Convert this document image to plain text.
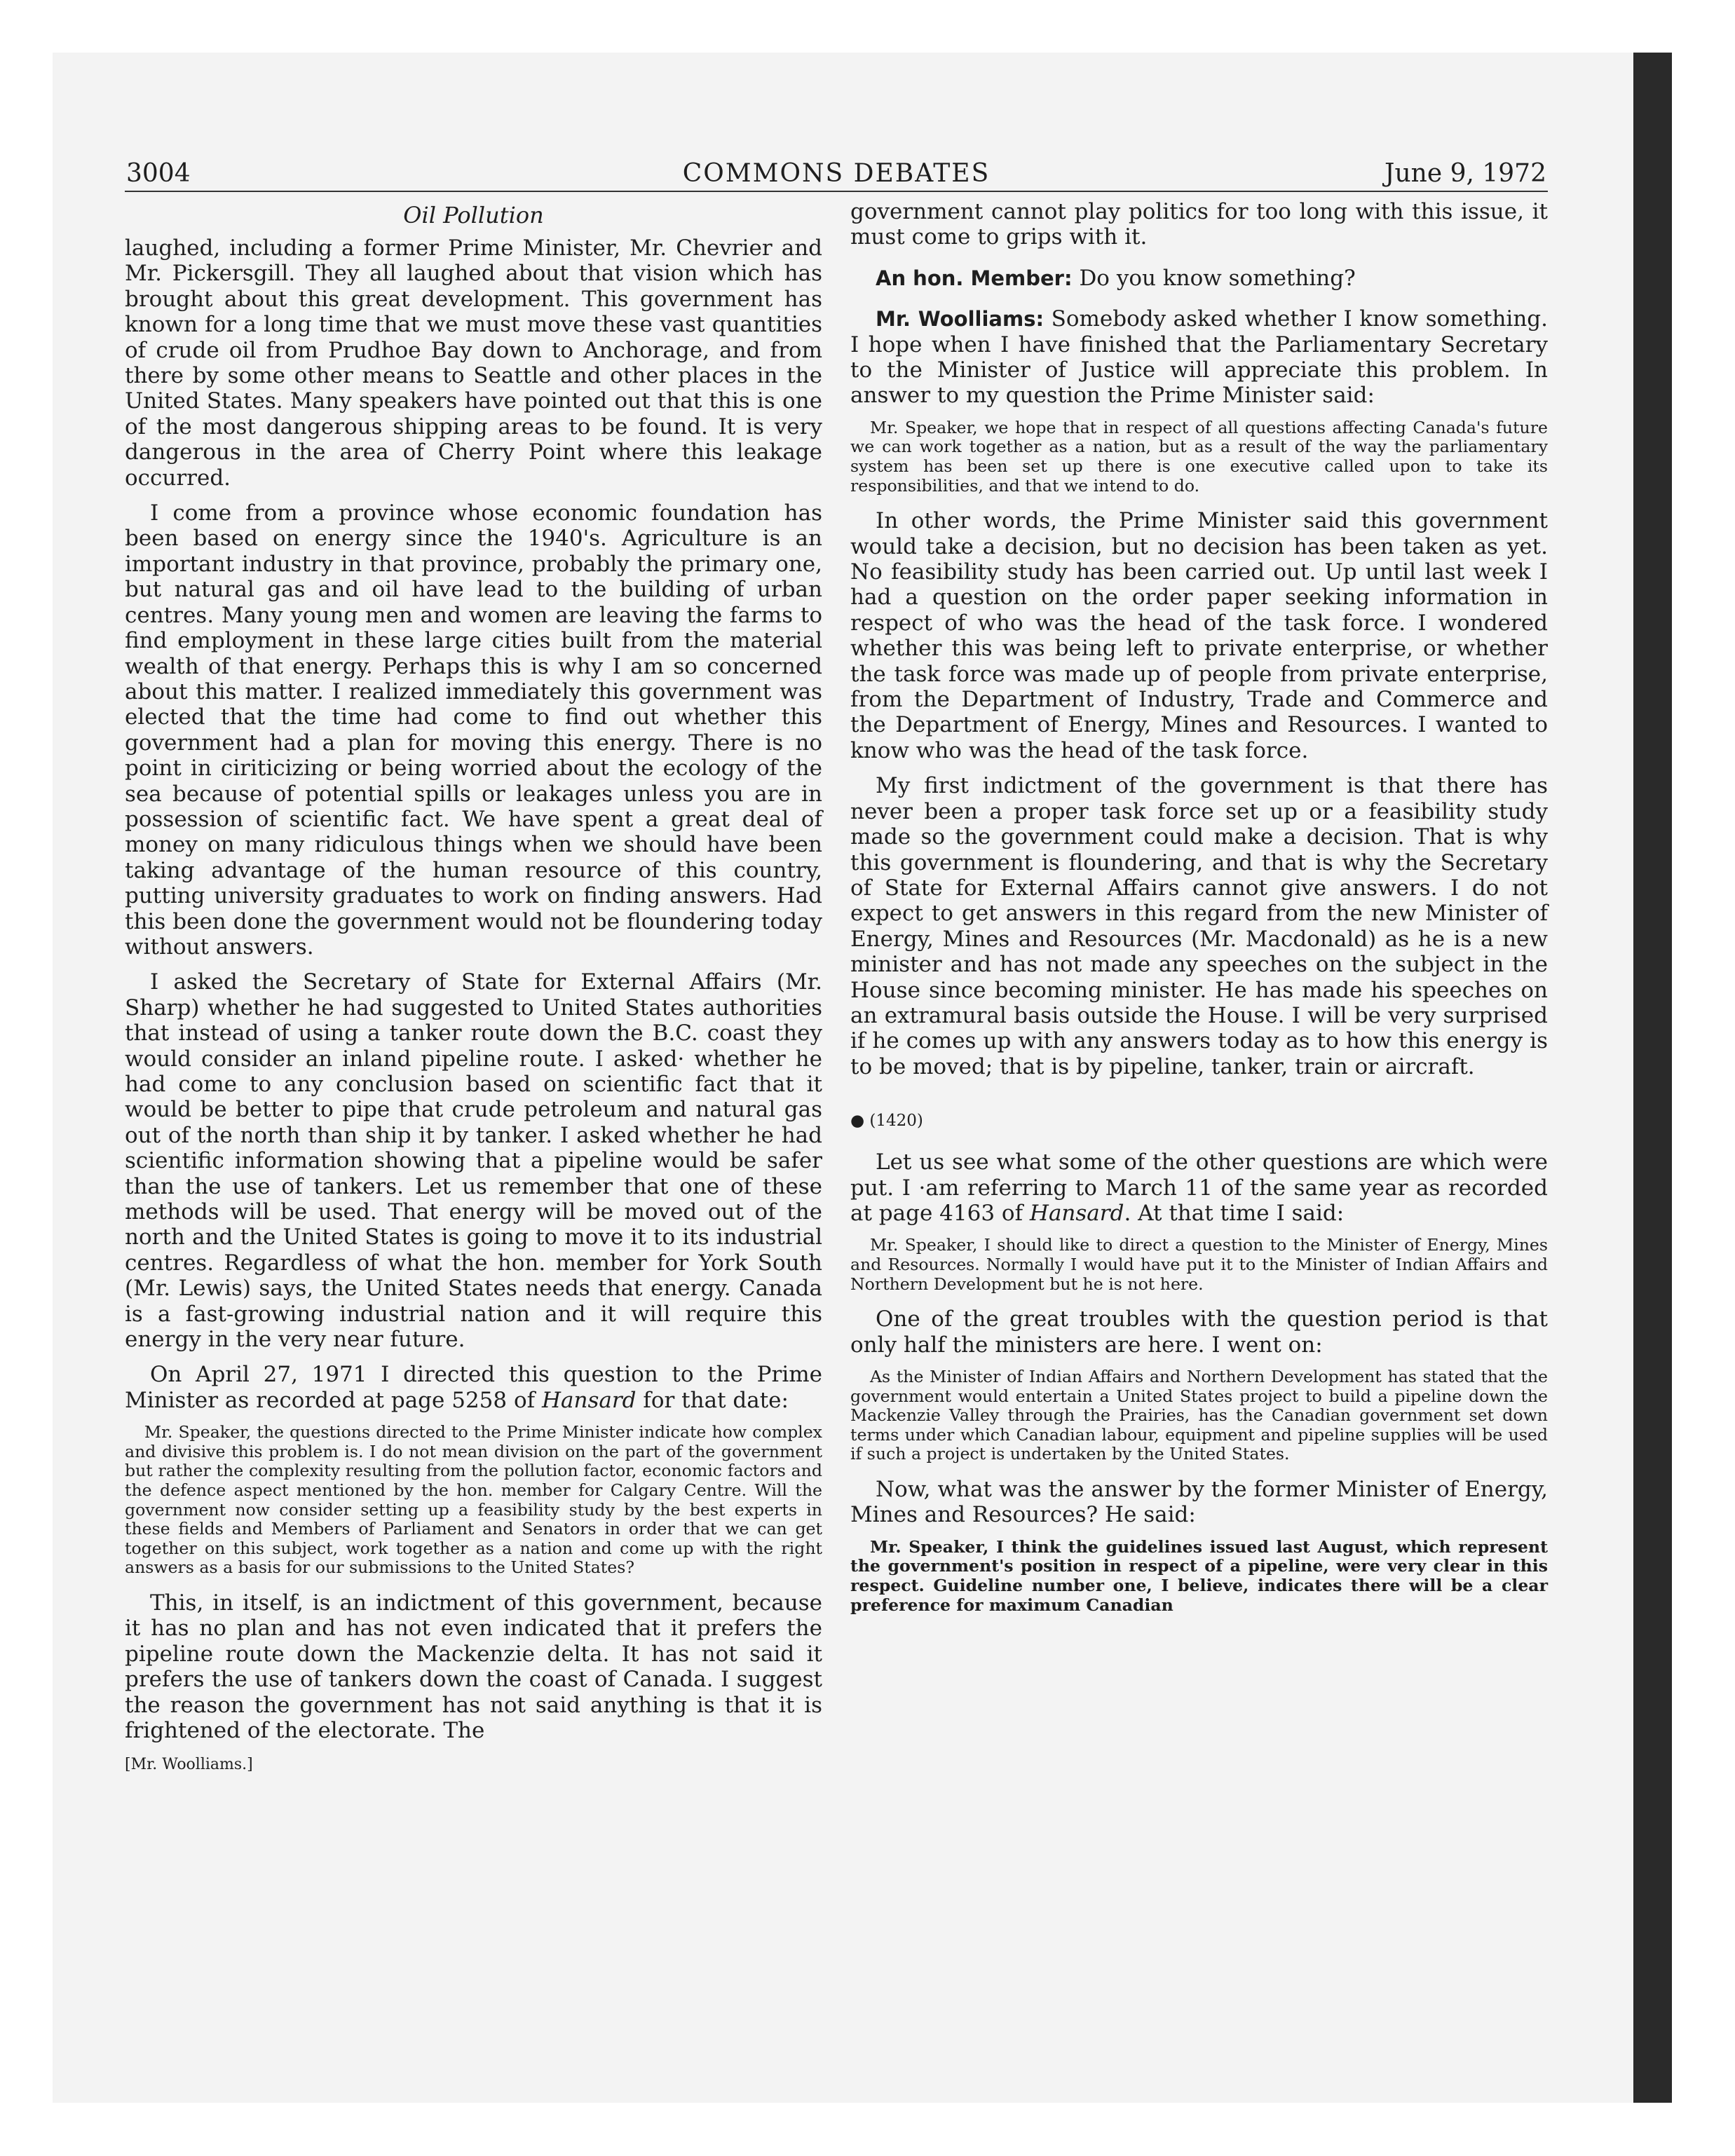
3004	COMMONS DEBATES	June 9, 1972
Oil Pollution

laughed, including a former Prime Minister, Mr. Chevrier and Mr. Pickersgill. They all laughed about that vision which has brought about this great development. This government has known for a long time that we must move these vast quantities of crude oil from Prudhoe Bay down to Anchorage, and from there by some other means to Seattle and other places in the United States. Many speakers have pointed out that this is one of the most dangerous shipping areas to be found. It is very dangerous in the area of Cherry Point where this leakage occurred.

I come from a province whose economic foundation has been based on energy since the 1940's. Agriculture is an important industry in that province, probably the primary one, but natural gas and oil have lead to the building of urban centres. Many young men and women are leaving the farms to find employment in these large cities built from the material wealth of that energy. Perhaps this is why I am so concerned about this matter. I realized immediately this government was elected that the time had come to find out whether this government had a plan for moving this energy. There is no point in ciriticizing or being worried about the ecology of the sea because of potential spills or leakages unless you are in possession of scientific fact. We have spent a great deal of money on many ridiculous things when we should have been taking advantage of the human resource of this country, putting university graduates to work on finding answers. Had this been done the government would not be floundering today without answers.

I asked the Secretary of State for External Affairs (Mr. Sharp) whether he had suggested to United States authorities that instead of using a tanker route down the B.C. coast they would consider an inland pipeline route. I asked· whether he had come to any conclusion based on scientific fact that it would be better to pipe that crude petroleum and natural gas out of the north than ship it by tanker. I asked whether he had scientific information showing that a pipeline would be safer than the use of tankers. Let us remember that one of these methods will be used. That energy will be moved out of the north and the United States is going to move it to its industrial centres. Regardless of what the hon. member for York South (Mr. Lewis) says, the United States needs that energy. Canada is a fast-growing industrial nation and it will require this energy in the very near future.

On April 27, 1971 I directed this question to the Prime Minister as recorded at page 5258 of Hansard for that date:

Mr. Speaker, the questions directed to the Prime Minister indicate how complex and divisive this problem is. I do not mean division on the part of the government but rather the complexity resulting from the pollution factor, economic factors and the defence aspect mentioned by the hon. member for Calgary Centre. Will the government now consider setting up a feasibility study by the best experts in these fields and Members of Parliament and Senators in order that we can get together on this subject, work together as a nation and come up with the right answers as a basis for our submissions to the United States?

This, in itself, is an indictment of this government, because it has no plan and has not even indicated that it prefers the pipeline route down the Mackenzie delta. It has not said it prefers the use of tankers down the coast of Canada. I suggest the reason the government has not said anything is that it is frightened of the electorate. The

[Mr. Woolliams.]

government cannot play politics for too long with this issue, it must come to grips with it.

An hon. Member: Do you know something?

Mr. Woolliams: Somebody asked whether I know something. I hope when I have finished that the Parliamentary Secretary to the Minister of Justice will appreciate this problem. In answer to my question the Prime Minister said:

Mr. Speaker, we hope that in respect of all questions affecting Canada's future we can work together as a nation, but as a result of the way the parliamentary system has been set up there is one executive called upon to take its responsibilities, and that we intend to do.

In other words, the Prime Minister said this government would take a decision, but no decision has been taken as yet. No feasibility study has been carried out. Up until last week I had a question on the order paper seeking information in respect of who was the head of the task force. I wondered whether this was being left to private enterprise, or whether the task force was made up of people from private enterprise, from the Department of Industry, Trade and Commerce and the Department of Energy, Mines and Resources. I wanted to know who was the head of the task force.

My first indictment of the government is that there has never been a proper task force set up or a feasibility study made so the government could make a decision. That is why this government is floundering, and that is why the Secretary of State for External Affairs cannot give answers. I do not expect to get answers in this regard from the new Minister of Energy, Mines and Resources (Mr. Macdonald) as he is a new minister and has not made any speeches on the subject in the House since becoming minister. He has made his speeches on an extramural basis outside the House. I will be very surprised if he comes up with any answers today as to how this energy is to be moved; that is by pipeline, tanker, train or aircraft.

● (1420)

Let us see what some of the other questions are which were put. I ·am referring to March 11 of the same year as recorded at page 4163 of Hansard. At that time I said:

Mr. Speaker, I should like to direct a question to the Minister of Energy, Mines and Resources. Normally I would have put it to the Minister of Indian Affairs and Northern Development but he is not here.

One of the great troubles with the question period is that only half the ministers are here. I went on:

As the Minister of Indian Affairs and Northern Development has stated that the government would entertain a United States project to build a pipeline down the Mackenzie Valley through the Prairies, has the Canadian government set down terms under which Canadian labour, equipment and pipeline supplies will be used if such a project is undertaken by the United States.

Now, what was the answer by the former Minister of Energy, Mines and Resources? He said:

Mr. Speaker, I think the guidelines issued last August, which represent the government's position in respect of a pipeline, were very clear in this respect. Guideline number one, I believe, indicates there will be a clear preference for maximum Canadian
